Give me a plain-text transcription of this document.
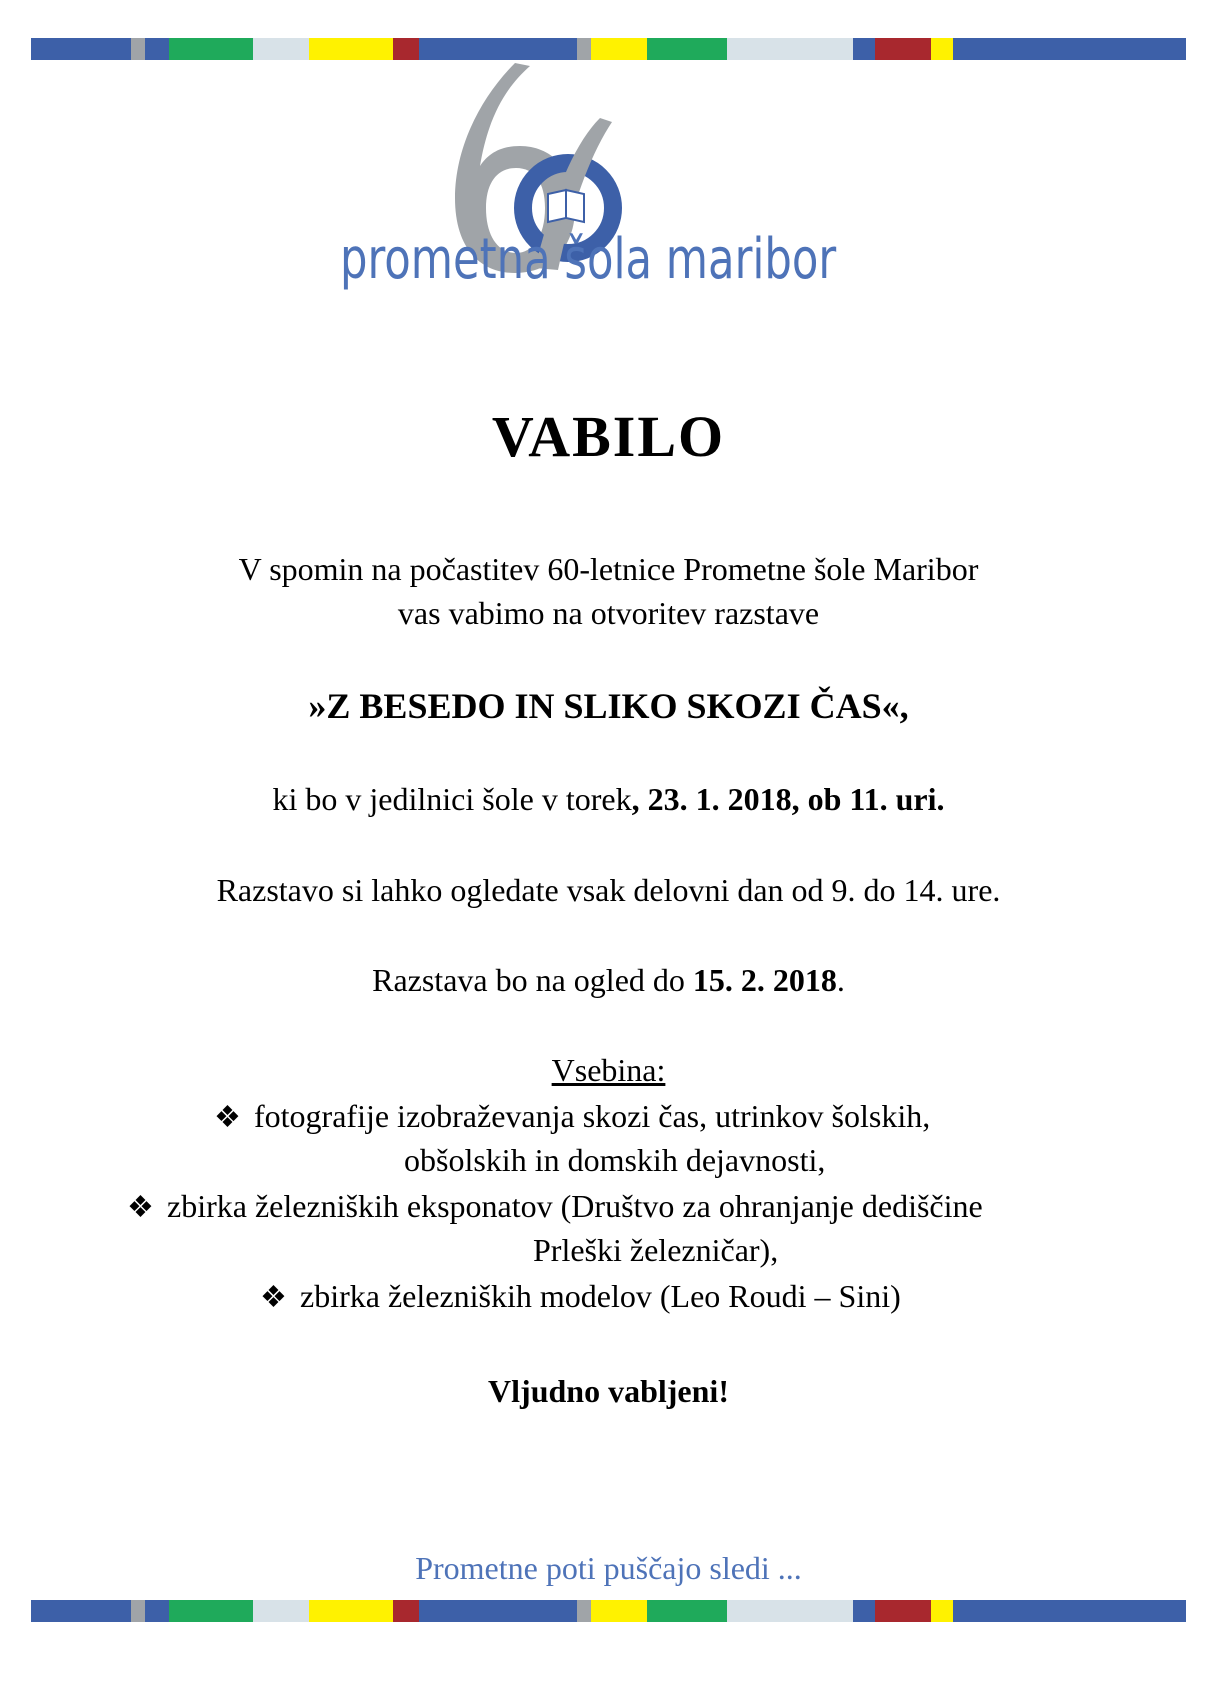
prometna šola maribor
VABILO
V spomin na počastitev 60-letnice Prometne šole Maribor
vas vabimo na otvoritev razstave
»Z BESEDO IN SLIKO SKOZI ČAS«,
ki bo v jedilnici šole v torek, 23. 1. 2018, ob 11. uri.
Razstavo si lahko ogledate vsak delovni dan od 9. do 14. ure.
Razstava bo na ogled do 15. 2. 2018.
Vsebina:
❖ fotografije izobraževanja skozi čas, utrinkov šolskih,
obšolskih in domskih dejavnosti,
❖ zbirka železniških eksponatov (Društvo za ohranjanje dediščine
Prleški železničar),
❖ zbirka železniških modelov (Leo Roudi – Sini)
Vljudno vabljeni!
Prometne poti puščajo sledi ...
